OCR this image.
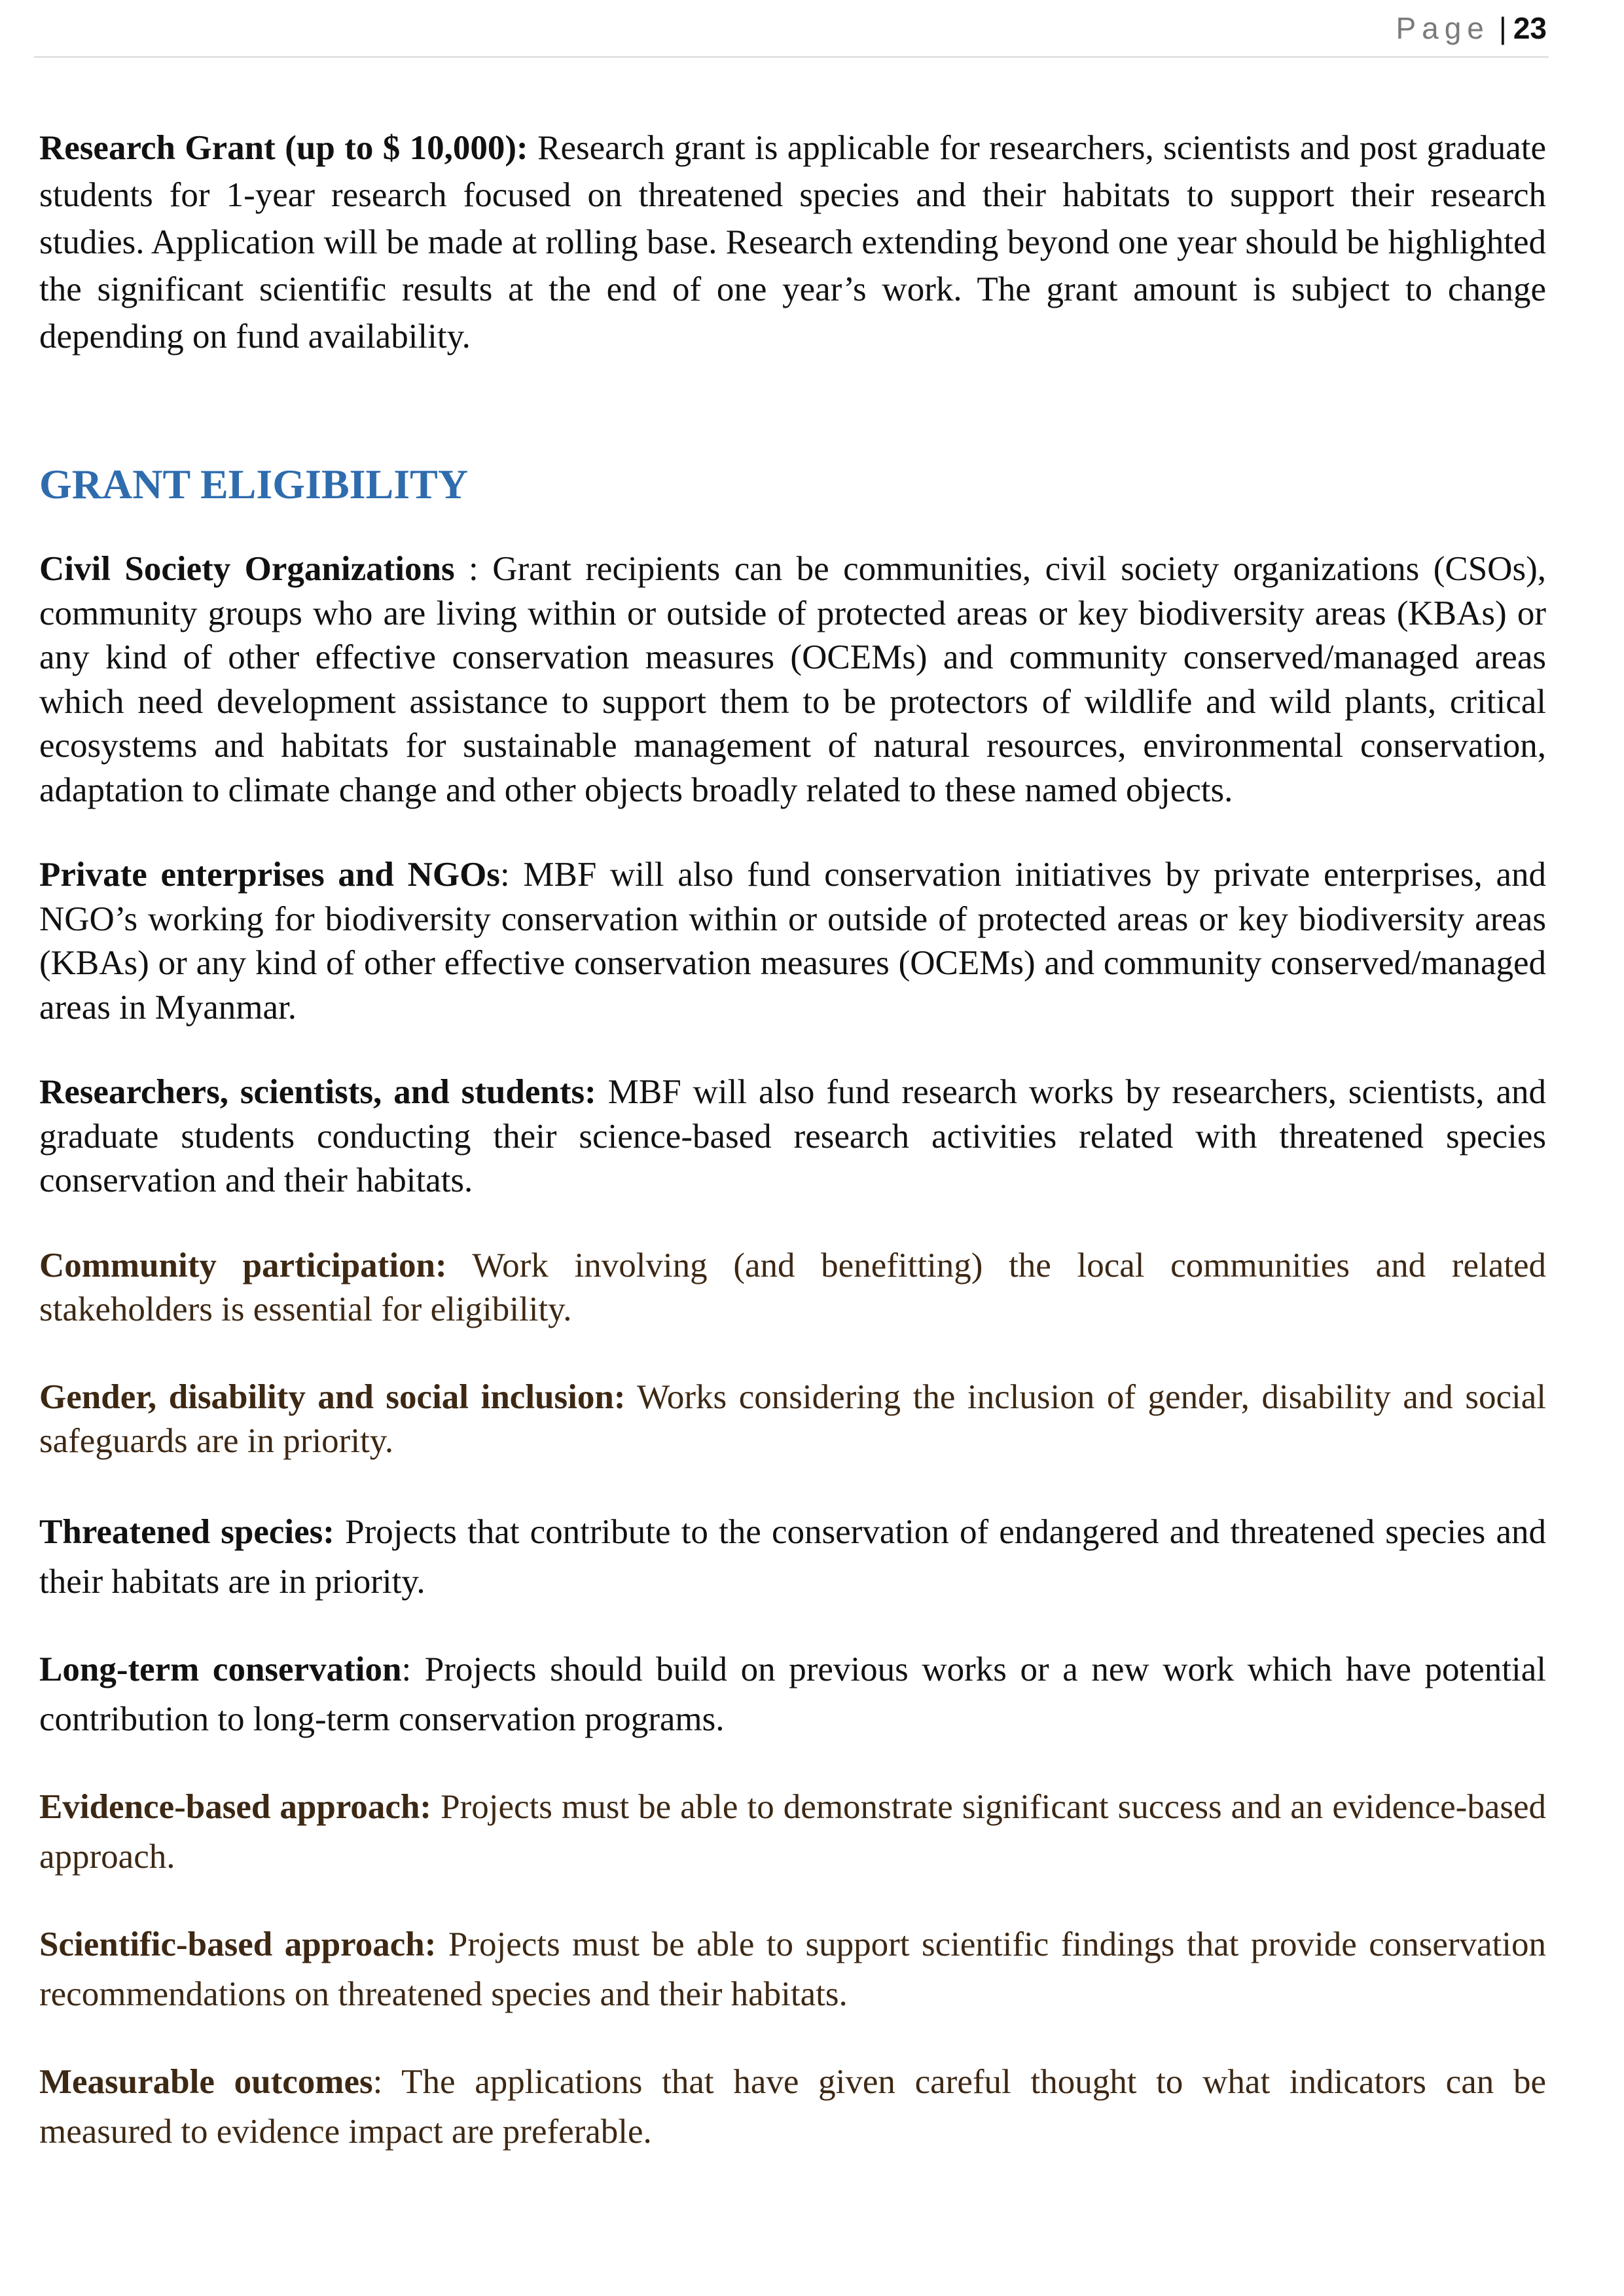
Page | 23

Research Grant (up to $ 10,000): Research grant is applicable for researchers, scientists and post graduate students for 1-year research focused on threatened species and their habitats to support their research studies. Application will be made at rolling base. Research extending beyond one year should be highlighted the significant scientific results at the end of one year’s work. The grant amount is subject to change depending on fund availability.

GRANT ELIGIBILITY

Civil Society Organizations : Grant recipients can be communities, civil society organizations (CSOs), community groups who are living within or outside of protected areas or key biodiversity areas (KBAs) or any kind of other effective conservation measures (OCEMs) and community conserved/managed areas which need development assistance to support them to be protectors of wildlife and wild plants, critical ecosystems and habitats for sustainable management of natural resources, environmental conservation, adaptation to climate change and other objects broadly related to these named objects.

Private enterprises and NGOs: MBF will also fund conservation initiatives by private enterprises, and NGO’s working for biodiversity conservation within or outside of protected areas or key biodiversity areas (KBAs) or any kind of other effective conservation measures (OCEMs) and community conserved/managed areas in Myanmar.

Researchers, scientists, and students: MBF will also fund research works by researchers, scientists, and graduate students conducting their science-based research activities related with threatened species conservation and their habitats.

Community participation: Work involving (and benefitting) the local communities and related stakeholders is essential for eligibility.

Gender, disability and social inclusion: Works considering the inclusion of gender, disability and social safeguards are in priority.

Threatened species: Projects that contribute to the conservation of endangered and threatened species and their habitats are in priority.

Long-term conservation: Projects should build on previous works or a new work which have potential contribution to long-term conservation programs.

Evidence-based approach: Projects must be able to demonstrate significant success and an evidence-based approach.

Scientific-based approach: Projects must be able to support scientific findings that provide conservation recommendations on threatened species and their habitats.

Measurable outcomes: The applications that have given careful thought to what indicators can be measured to evidence impact are preferable.
